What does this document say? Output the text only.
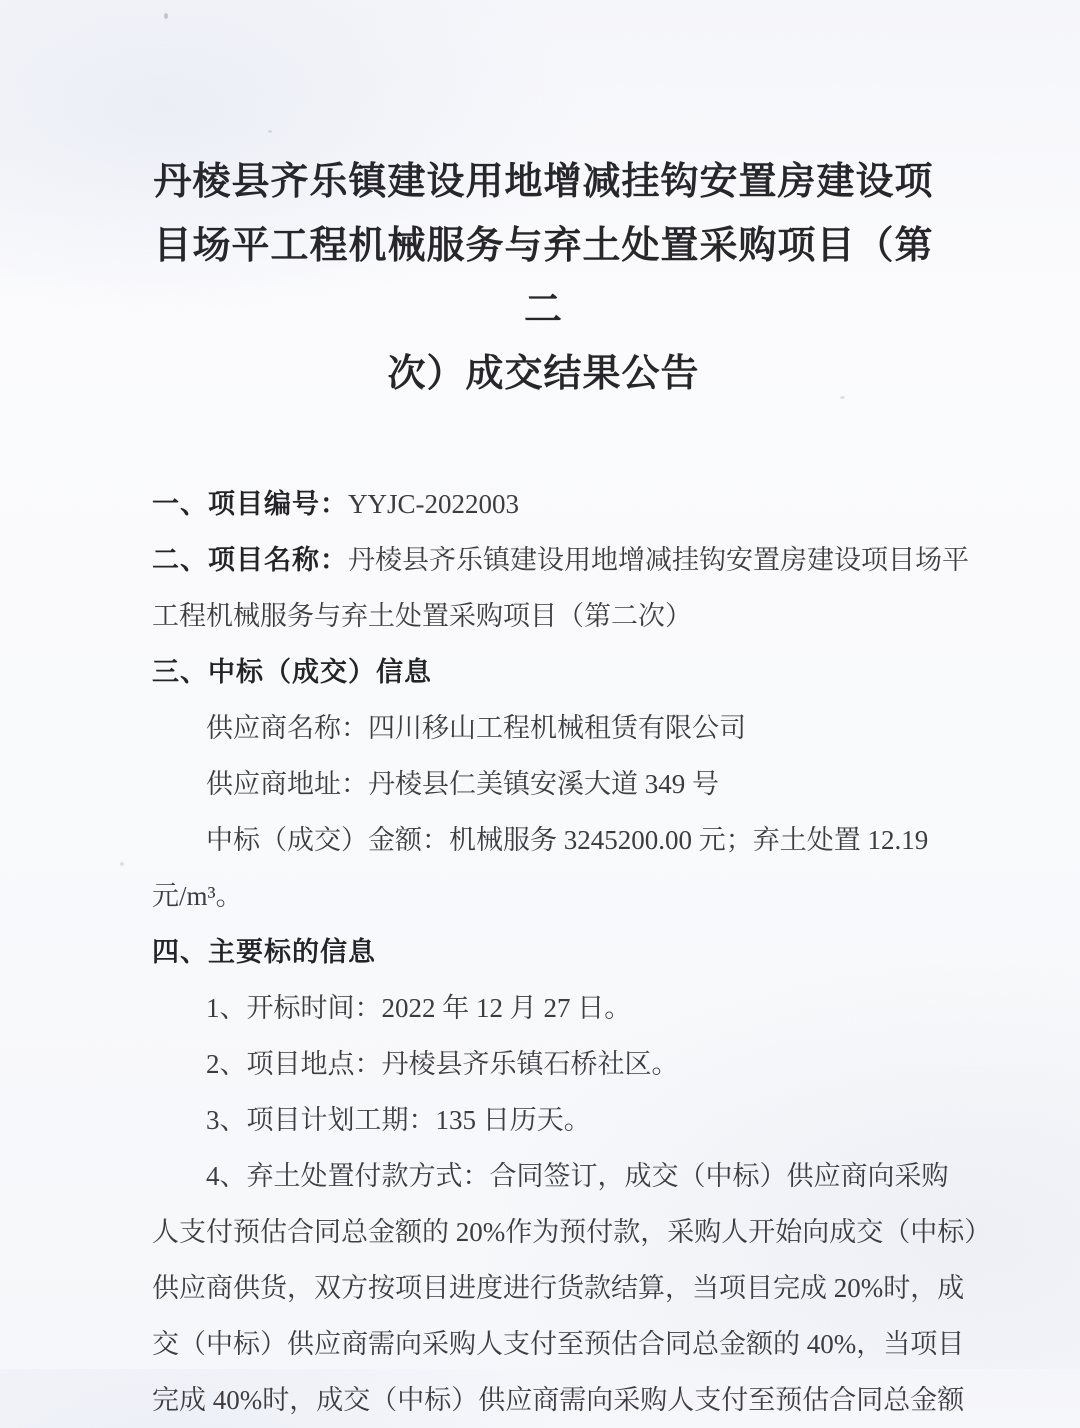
丹棱县齐乐镇建设用地增减挂钩安置房建设项
目场平工程机械服务与弃土处置采购项目（第二
次）成交结果公告
一、项目编号：YYJC-2022003
二、项目名称：丹棱县齐乐镇建设用地增减挂钩安置房建设项目场平
工程机械服务与弃土处置采购项目（第二次）
三、中标（成交）信息
供应商名称：四川移山工程机械租赁有限公司
供应商地址：丹棱县仁美镇安溪大道 349 号
中标（成交）金额：机械服务 3245200.00 元；弃土处置 12.19
元/m³。
四、主要标的信息
1、开标时间：2022 年 12 月 27 日。
2、项目地点：丹棱县齐乐镇石桥社区。
3、项目计划工期：135 日历天。
4、弃土处置付款方式：合同签订，成交（中标）供应商向采购
人支付预估合同总金额的 20%作为预付款，采购人开始向成交（中标）
供应商供货，双方按项目进度进行货款结算，当项目完成 20%时，成
交（中标）供应商需向采购人支付至预估合同总金额的 40%，当项目
完成 40%时，成交（中标）供应商需向采购人支付至预估合同总金额
